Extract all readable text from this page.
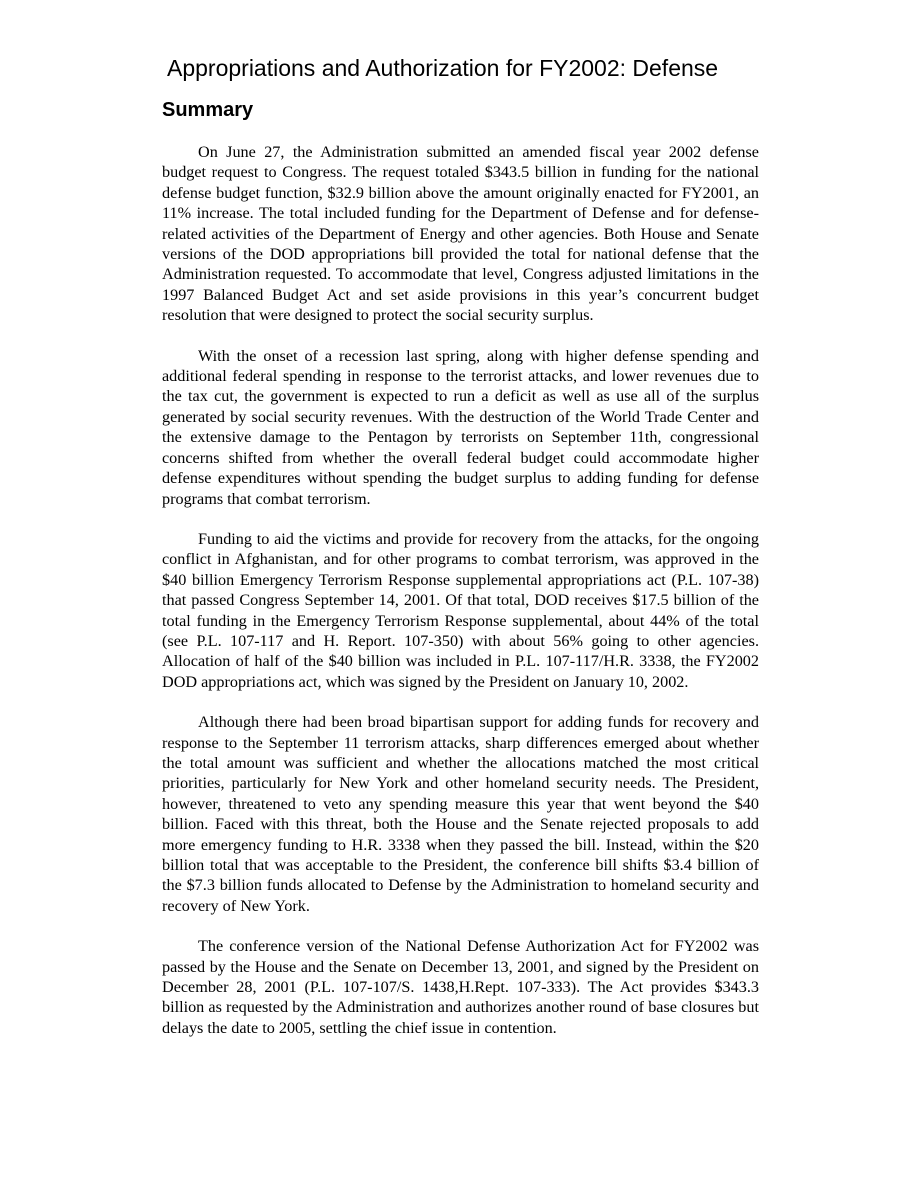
Appropriations and Authorization for FY2002: Defense
Summary

On June 27, the Administration submitted an amended fiscal year 2002 defense budget request to Congress. The request totaled $343.5 billion in funding for the national defense budget function, $32.9 billion above the amount originally enacted for FY2001, an 11% increase. The total included funding for the Department of Defense and for defense-related activities of the Department of Energy and other agencies. Both House and Senate versions of the DOD appropriations bill provided the total for national defense that the Administration requested. To accommodate that level, Congress adjusted limitations in the 1997 Balanced Budget Act and set aside provisions in this year’s concurrent budget resolution that were designed to protect the social security surplus.

With the onset of a recession last spring, along with higher defense spending and additional federal spending in response to the terrorist attacks, and lower revenues due to the tax cut, the government is expected to run a deficit as well as use all of the surplus generated by social security revenues. With the destruction of the World Trade Center and the extensive damage to the Pentagon by terrorists on September 11th, congressional concerns shifted from whether the overall federal budget could accommodate higher defense expenditures without spending the budget surplus to adding funding for defense programs that combat terrorism.

Funding to aid the victims and provide for recovery from the attacks, for the ongoing conflict in Afghanistan, and for other programs to combat terrorism, was approved in the $40 billion Emergency Terrorism Response supplemental appropriations act (P.L. 107-38) that passed Congress September 14, 2001. Of that total, DOD receives $17.5 billion of the total funding in the Emergency Terrorism Response supplemental, about 44% of the total (see P.L. 107-117 and H. Report. 107-350) with about 56% going to other agencies. Allocation of half of the $40 billion was included in P.L. 107-117/H.R. 3338, the FY2002 DOD appropriations act, which was signed by the President on January 10, 2002.

Although there had been broad bipartisan support for adding funds for recovery and response to the September 11 terrorism attacks, sharp differences emerged about whether the total amount was sufficient and whether the allocations matched the most critical priorities, particularly for New York and other homeland security needs. The President, however, threatened to veto any spending measure this year that went beyond the $40 billion. Faced with this threat, both the House and the Senate rejected proposals to add more emergency funding to H.R. 3338 when they passed the bill. Instead, within the $20 billion total that was acceptable to the President, the conference bill shifts $3.4 billion of the $7.3 billion funds allocated to Defense by the Administration to homeland security and recovery of New York.

The conference version of the National Defense Authorization Act for FY2002 was passed by the House and the Senate on December 13, 2001, and signed by the President on December 28, 2001 (P.L. 107-107/S. 1438,H.Rept. 107-333). The Act provides $343.3 billion as requested by the Administration and authorizes another round of base closures but delays the date to 2005, settling the chief issue in contention.
